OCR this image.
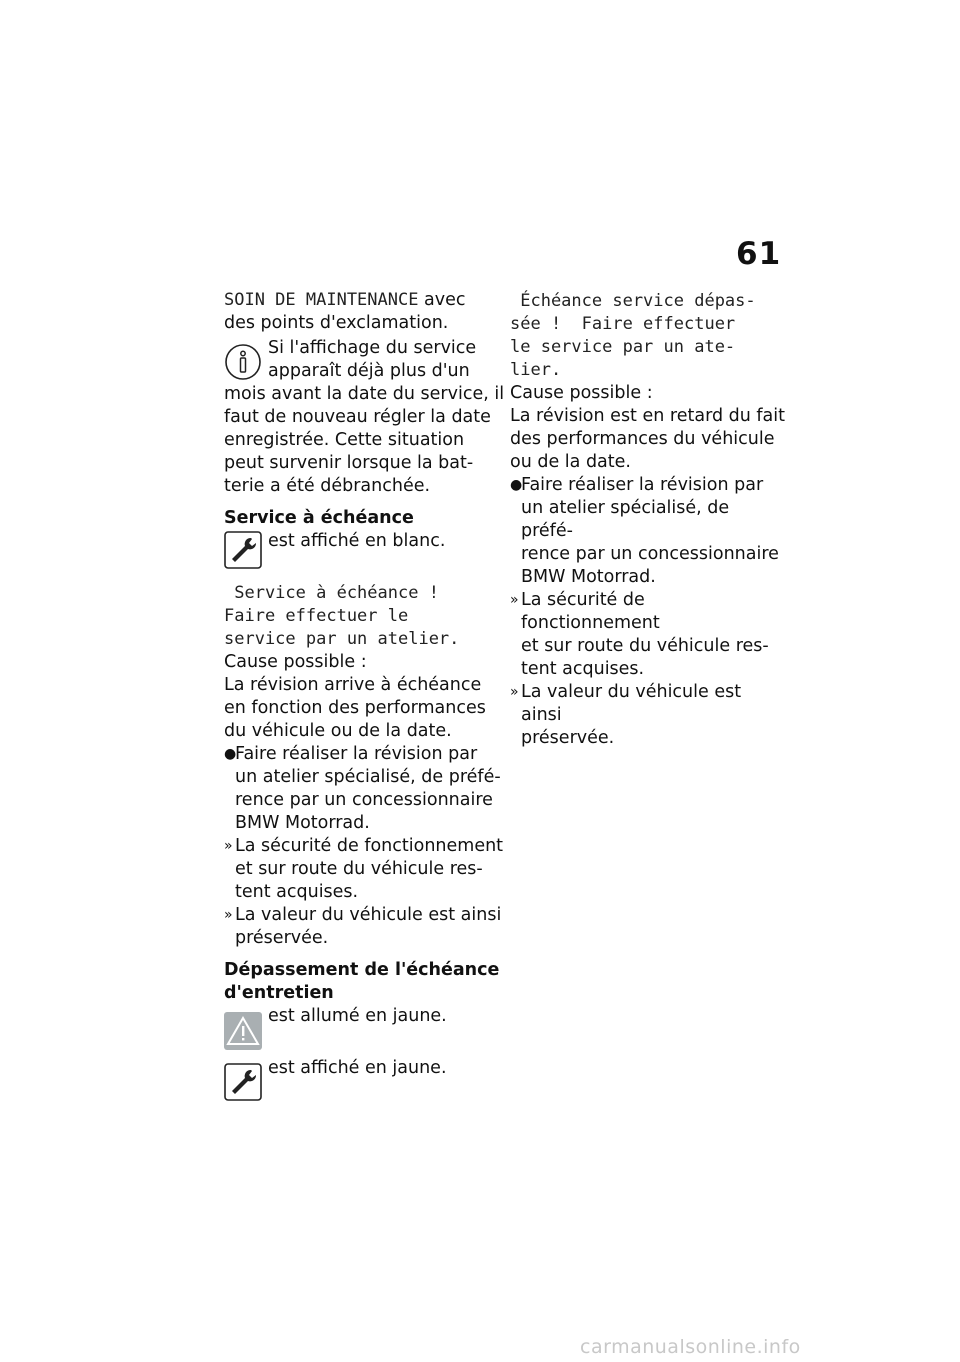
61

SOIN DE MAINTENANCE avec
des points d'exclamation.

Si l'affichage du service

apparaît déjà plus d'un

mois avant la date du service, il

faut de nouveau régler la date

enregistrée. Cette situation

peut survenir lorsque la bat-

terie a été débranchée.

Service à échéance

est affiché en blanc.

Service à échéance !

Faire effectuer le

service par un atelier.

Cause possible :

La révision arrive à échéance

en fonction des performances

du véhicule ou de la date.

●

Faire réaliser la révision par

un atelier spécialisé, de préfé-

rence par un concessionnaire

BMW Motorrad.

» La sécurité de fonctionnement

et sur route du véhicule res-

tent acquises.

» La valeur du véhicule est ainsi

préservée.

Dépassement de l'échéance

d'entretien

est allumé en jaune.

est affiché en jaune.

Échéance service dépas-

sée !  Faire effectuer

le service par un ate-

lier.

Cause possible :

La révision est en retard du fait

des performances du véhicule

ou de la date.

●

Faire réaliser la révision par

un atelier spécialisé, de préfé-

rence par un concessionnaire

BMW Motorrad.

» La sécurité de fonctionnement

et sur route du véhicule res-

tent acquises.

» La valeur du véhicule est ainsi

préservée.

carmanualsonline.info
